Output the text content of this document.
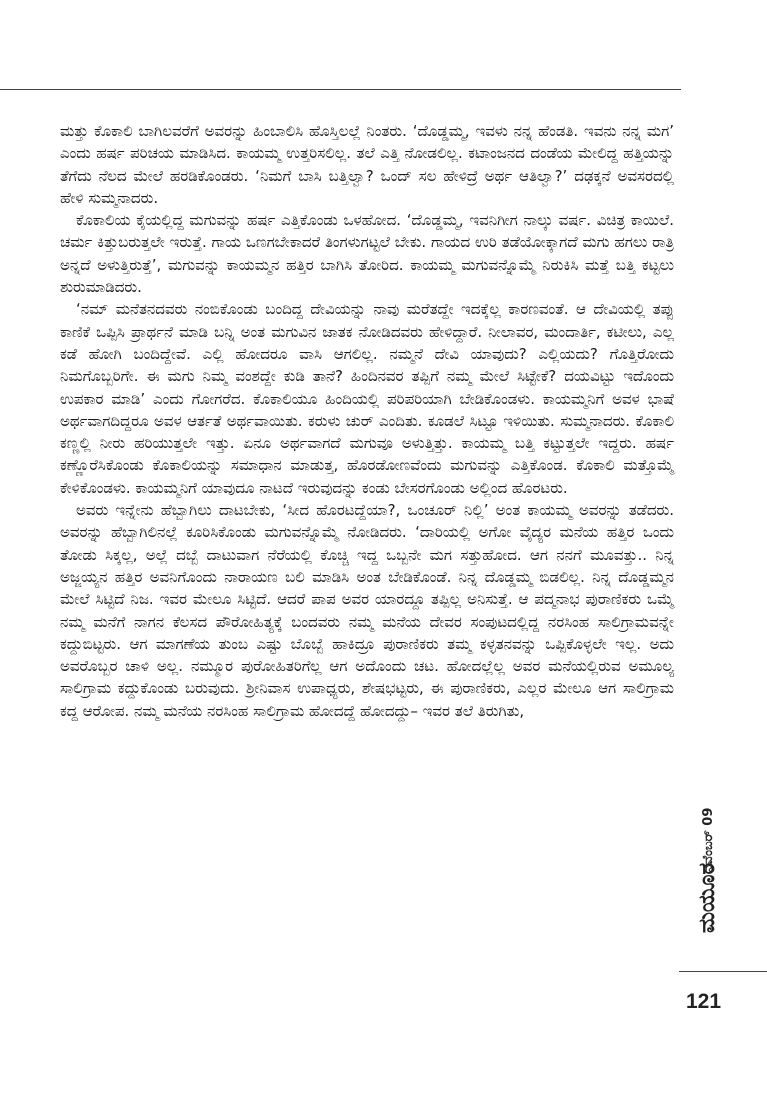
ಮತ್ತು ಕೊಕಾಲಿ ಬಾಗಿಲವರೆಗೆ ಅವರನ್ನು ಹಿಂಬಾಲಿಸಿ ಹೊಸ್ತಿಲಲ್ಲೆ ನಿಂತರು. ‘ದೊಡ್ಡಮ್ಮ, ಇವಳು ನನ್ನ ಹೆಂಡತಿ. ಇವನು ನನ್ನ ಮಗ’ ಎಂದು ಹರ್ಷ ಪರಿಚಯ ಮಾಡಿಸಿದ. ಕಾಯಮ್ಮ ಉತ್ತರಿಸಲಿಲ್ಲ. ತಲೆ ಎತ್ತಿ ನೋಡಲಿಲ್ಲ. ಕಟಾಂಜನದ ದಂಡೆಯ ಮೇಲಿದ್ದ ಹತ್ತಿಯನ್ನು ತೆಗೆದು ನೆಲದ ಮೇಲೆ ಹರಡಿಕೊಂಡರು. ‘ನಿಮಗೆ ಬಾಸಿ ಬತ್ತಿಲ್ವಾ? ಒಂದ್ ಸಲ ಹೇಳಿದ್ರೆ ಅರ್ಥ ಆತಿಲ್ವಾ?’ ದಢಕ್ಕನೆ ಅವಸರದಲ್ಲಿ ಹೇಳಿ ಸುಮ್ಮನಾದರು.

ಕೊಕಾಲಿಯ ಕೈಯಲ್ಲಿದ್ದ ಮಗುವನ್ನು ಹರ್ಷ ಎತ್ತಿಕೊಂಡು ಒಳಹೋದ. ‘ದೊಡ್ಡಮ್ಮ, ಇವನಿಗೀಗ ನಾಲ್ಕು ವರ್ಷ. ವಿಚಿತ್ರ ಕಾಯಿಲೆ. ಚರ್ಮ ಕಿತ್ತುಬರುತ್ತಲೇ ಇರುತ್ತೆ. ಗಾಯ ಒಣಗಬೇಕಾದರೆ ತಿಂಗಳುಗಟ್ಟಲೆ ಬೇಕು. ಗಾಯದ ಉರಿ ತಡೆಯೋಕ್ಕಾಗದೆ ಮಗು ಹಗಲು ರಾತ್ರಿ ಅನ್ನದೆ ಅಳುತ್ತಿರುತ್ತೆ’, ಮಗುವನ್ನು ಕಾಯಮ್ಮನ ಹತ್ತಿರ ಬಾಗಿಸಿ ತೋರಿದ. ಕಾಯಮ್ಮ ಮಗುವನ್ನೊಮ್ಮೆ ನಿರುಕಿಸಿ ಮತ್ತೆ ಬತ್ತಿ ಕಟ್ಟಲು ಶುರುಮಾಡಿದರು.

‘ನಮ್ ಮನೆತನದವರು ನಂಬಿಕೊಂಡು ಬಂದಿದ್ದ ದೇವಿಯನ್ನು ನಾವು ಮರೆತದ್ದೇ ಇದಕ್ಕೆಲ್ಲ ಕಾರಣವಂತೆ. ಆ ದೇವಿಯಲ್ಲಿ ತಪ್ಪು ಕಾಣಿಕೆ ಒಪ್ಪಿಸಿ ಪ್ರಾರ್ಥನೆ ಮಾಡಿ ಬನ್ನಿ ಅಂತ ಮಗುವಿನ ಜಾತಕ ನೋಡಿದವರು ಹೇಳಿದ್ದಾರೆ. ನೀಲಾವರ, ಮಂದಾರ್ತಿ, ಕಟೀಲು, ಎಲ್ಲ ಕಡೆ ಹೋಗಿ ಬಂದಿದ್ದೇವೆ. ಎಲ್ಲಿ ಹೋದರೂ ವಾಸಿ ಆಗಲಿಲ್ಲ. ನಮ್ಮನೆ ದೇವಿ ಯಾವುದು? ಎಲ್ಲಿಯದು? ಗೊತ್ತಿರೋದು ನಿಮಗೊಬ್ಬರಿಗೇ. ಈ ಮಗು ನಿಮ್ಮ ವಂಶದ್ದೇ ಕುಡಿ ತಾನೆ? ಹಿಂದಿನವರ ತಪ್ಪಿಗೆ ನಮ್ಮ ಮೇಲೆ ಸಿಟ್ಟೇಕೆ? ದಯವಿಟ್ಟು ಇದೊಂದು ಉಪಕಾರ ಮಾಡಿ’ ಎಂದು ಗೋಗರೆದ. ಕೊಕಾಲಿಯೂ ಹಿಂದಿಯಲ್ಲಿ ಪರಿಪರಿಯಾಗಿ ಬೇಡಿಕೊಂಡಳು. ಕಾಯಮ್ಮನಿಗೆ ಅವಳ ಭಾಷೆ ಅರ್ಥವಾಗದಿದ್ದರೂ ಅವಳ ಆರ್ತತೆ ಅರ್ಥವಾಯಿತು. ಕರುಳು ಚುರ್ ಎಂದಿತು. ಕೂಡಲೆ ಸಿಟ್ಟೂ ಇಳಿಯಿತು. ಸುಮ್ಮನಾದರು. ಕೊಕಾಲಿ ಕಣ್ಣಲ್ಲಿ ನೀರು ಹರಿಯುತ್ತಲೇ ಇತ್ತು. ಏನೂ ಅರ್ಥವಾಗದೆ ಮಗುವೂ ಅಳುತ್ತಿತ್ತು. ಕಾಯಮ್ಮ ಬತ್ತಿ ಕಟ್ಟುತ್ತಲೇ ಇದ್ದರು. ಹರ್ಷ ಕಣ್ಣೊರೆಸಿಕೊಂಡು ಕೊಕಾಲಿಯನ್ನು ಸಮಾಧಾನ ಮಾಡುತ್ತ, ಹೊರಡೋಣವೆಂದು ಮಗುವನ್ನು ಎತ್ತಿಕೊಂಡ. ಕೊಕಾಲಿ ಮತ್ತೊಮ್ಮೆ ಕೇಳಿಕೊಂಡಳು. ಕಾಯಮ್ಮನಿಗೆ ಯಾವುದೂ ನಾಟದೆ ಇರುವುದನ್ನು ಕಂಡು ಬೇಸರಗೊಂಡು ಅಲ್ಲಿಂದ ಹೊರಟರು.

ಅವರು ಇನ್ನೇನು ಹೆಬ್ಬಾಗಿಲು ದಾಟಬೇಕು, ‘ಸೀದ ಹೊರಟದ್ದೆಯಾ?, ಒಂಚೂರ್ ನಿಲ್ಲಿ’ ಅಂತ ಕಾಯಮ್ಮ ಅವರನ್ನು ತಡೆದರು. ಅವರನ್ನು ಹೆಬ್ಬಾಗಿಲಿನಲ್ಲೆ ಕೂರಿಸಿಕೊಂಡು ಮಗುವನ್ನೊಮ್ಮೆ ನೋಡಿದರು. ‘ದಾರಿಯಲ್ಲಿ ಅಗೋ ವೈದ್ಯರ ಮನೆಯ ಹತ್ತಿರ ಒಂದು ತೋಡು ಸಿಕ್ಕಲ್ಲ, ಅಲ್ಲೆ ದಬ್ಬೆ ದಾಟುವಾಗ ನೆರೆಯಲ್ಲಿ ಕೊಚ್ಚಿ ಇದ್ದ ಒಬ್ಬನೇ ಮಗ ಸತ್ತುಹೋದ. ಆಗ ನನಗೆ ಮೂವತ್ತು.. ನಿನ್ನ ಅಜ್ಜಯ್ಯನ ಹತ್ತಿರ ಅವನಿಗೊಂದು ನಾರಾಯಣ ಬಲಿ ಮಾಡಿಸಿ ಅಂತ ಬೇಡಿಕೊಂಡೆ. ನಿನ್ನ ದೊಡ್ಡಮ್ಮ ಬಿಡಲಿಲ್ಲ. ನಿನ್ನ ದೊಡ್ಡಮ್ಮನ ಮೇಲೆ ಸಿಟ್ಟಿದೆ ನಿಜ. ಇವರ ಮೇಲೂ ಸಿಟ್ಟಿದೆ. ಆದರೆ ಪಾಪ ಅವರ ಯಾರದ್ದೂ ತಪ್ಪಿಲ್ಲ ಅನಿಸುತ್ತೆ. ಆ ಪದ್ಮನಾಭ ಪುರಾಣಿಕರು ಒಮ್ಮೆ ನಮ್ಮ ಮನೆಗೆ ನಾಗನ ಕೆಲಸದ ಪೌರೋಹಿತ್ಯಕ್ಕೆ ಬಂದವರು ನಮ್ಮ ಮನೆಯ ದೇವರ ಸಂಪುಟದಲ್ಲಿದ್ದ ನರಸಿಂಹ ಸಾಲಿಗ್ರಾಮವನ್ನೇ ಕದ್ದುಬಿಟ್ಟರು. ಆಗ ಮಾಗಣೆಯ ತುಂಬ ಎಷ್ಟು ಬೊಬ್ಬೆ ಹಾಕಿದ್ರೂ ಪುರಾಣಿಕರು ತಮ್ಮ ಕಳ್ಳತನವನ್ನು ಒಪ್ಪಿಕೊಳ್ಳಲೇ ಇಲ್ಲ. ಅದು ಅವರೊಬ್ಬರ ಚಾಳಿ ಅಲ್ಲ. ನಮ್ಮೂರ ಪುರೋಹಿತರಿಗೆಲ್ಲ ಆಗ ಅದೊಂದು ಚಟ. ಹೋದಲ್ಲೆಲ್ಲ ಅವರ ಮನೆಯಲ್ಲಿರುವ ಅಮೂಲ್ಯ ಸಾಲಿಗ್ರಾಮ ಕದ್ದುಕೊಂಡು ಬರುವುದು. ಶ್ರೀನಿವಾಸ ಉಪಾಧ್ಯರು, ಶೇಷಭಟ್ಟರು, ಈ ಪುರಾಣಿಕರು, ಎಲ್ಲರ ಮೇಲೂ ಆಗ ಸಾಲಿಗ್ರಾಮ ಕದ್ದ ಆರೋಪ. ನಮ್ಮ ಮನೆಯ ನರಸಿಂಹ ಸಾಲಿಗ್ರಾಮ ಹೋದದ್ದೆ ಹೋದದ್ದು– ಇವರ ತಲೆ ತಿರುಗಿತು,

ನವೆಂಬರ್ 09
ಮಯೂರ
121
